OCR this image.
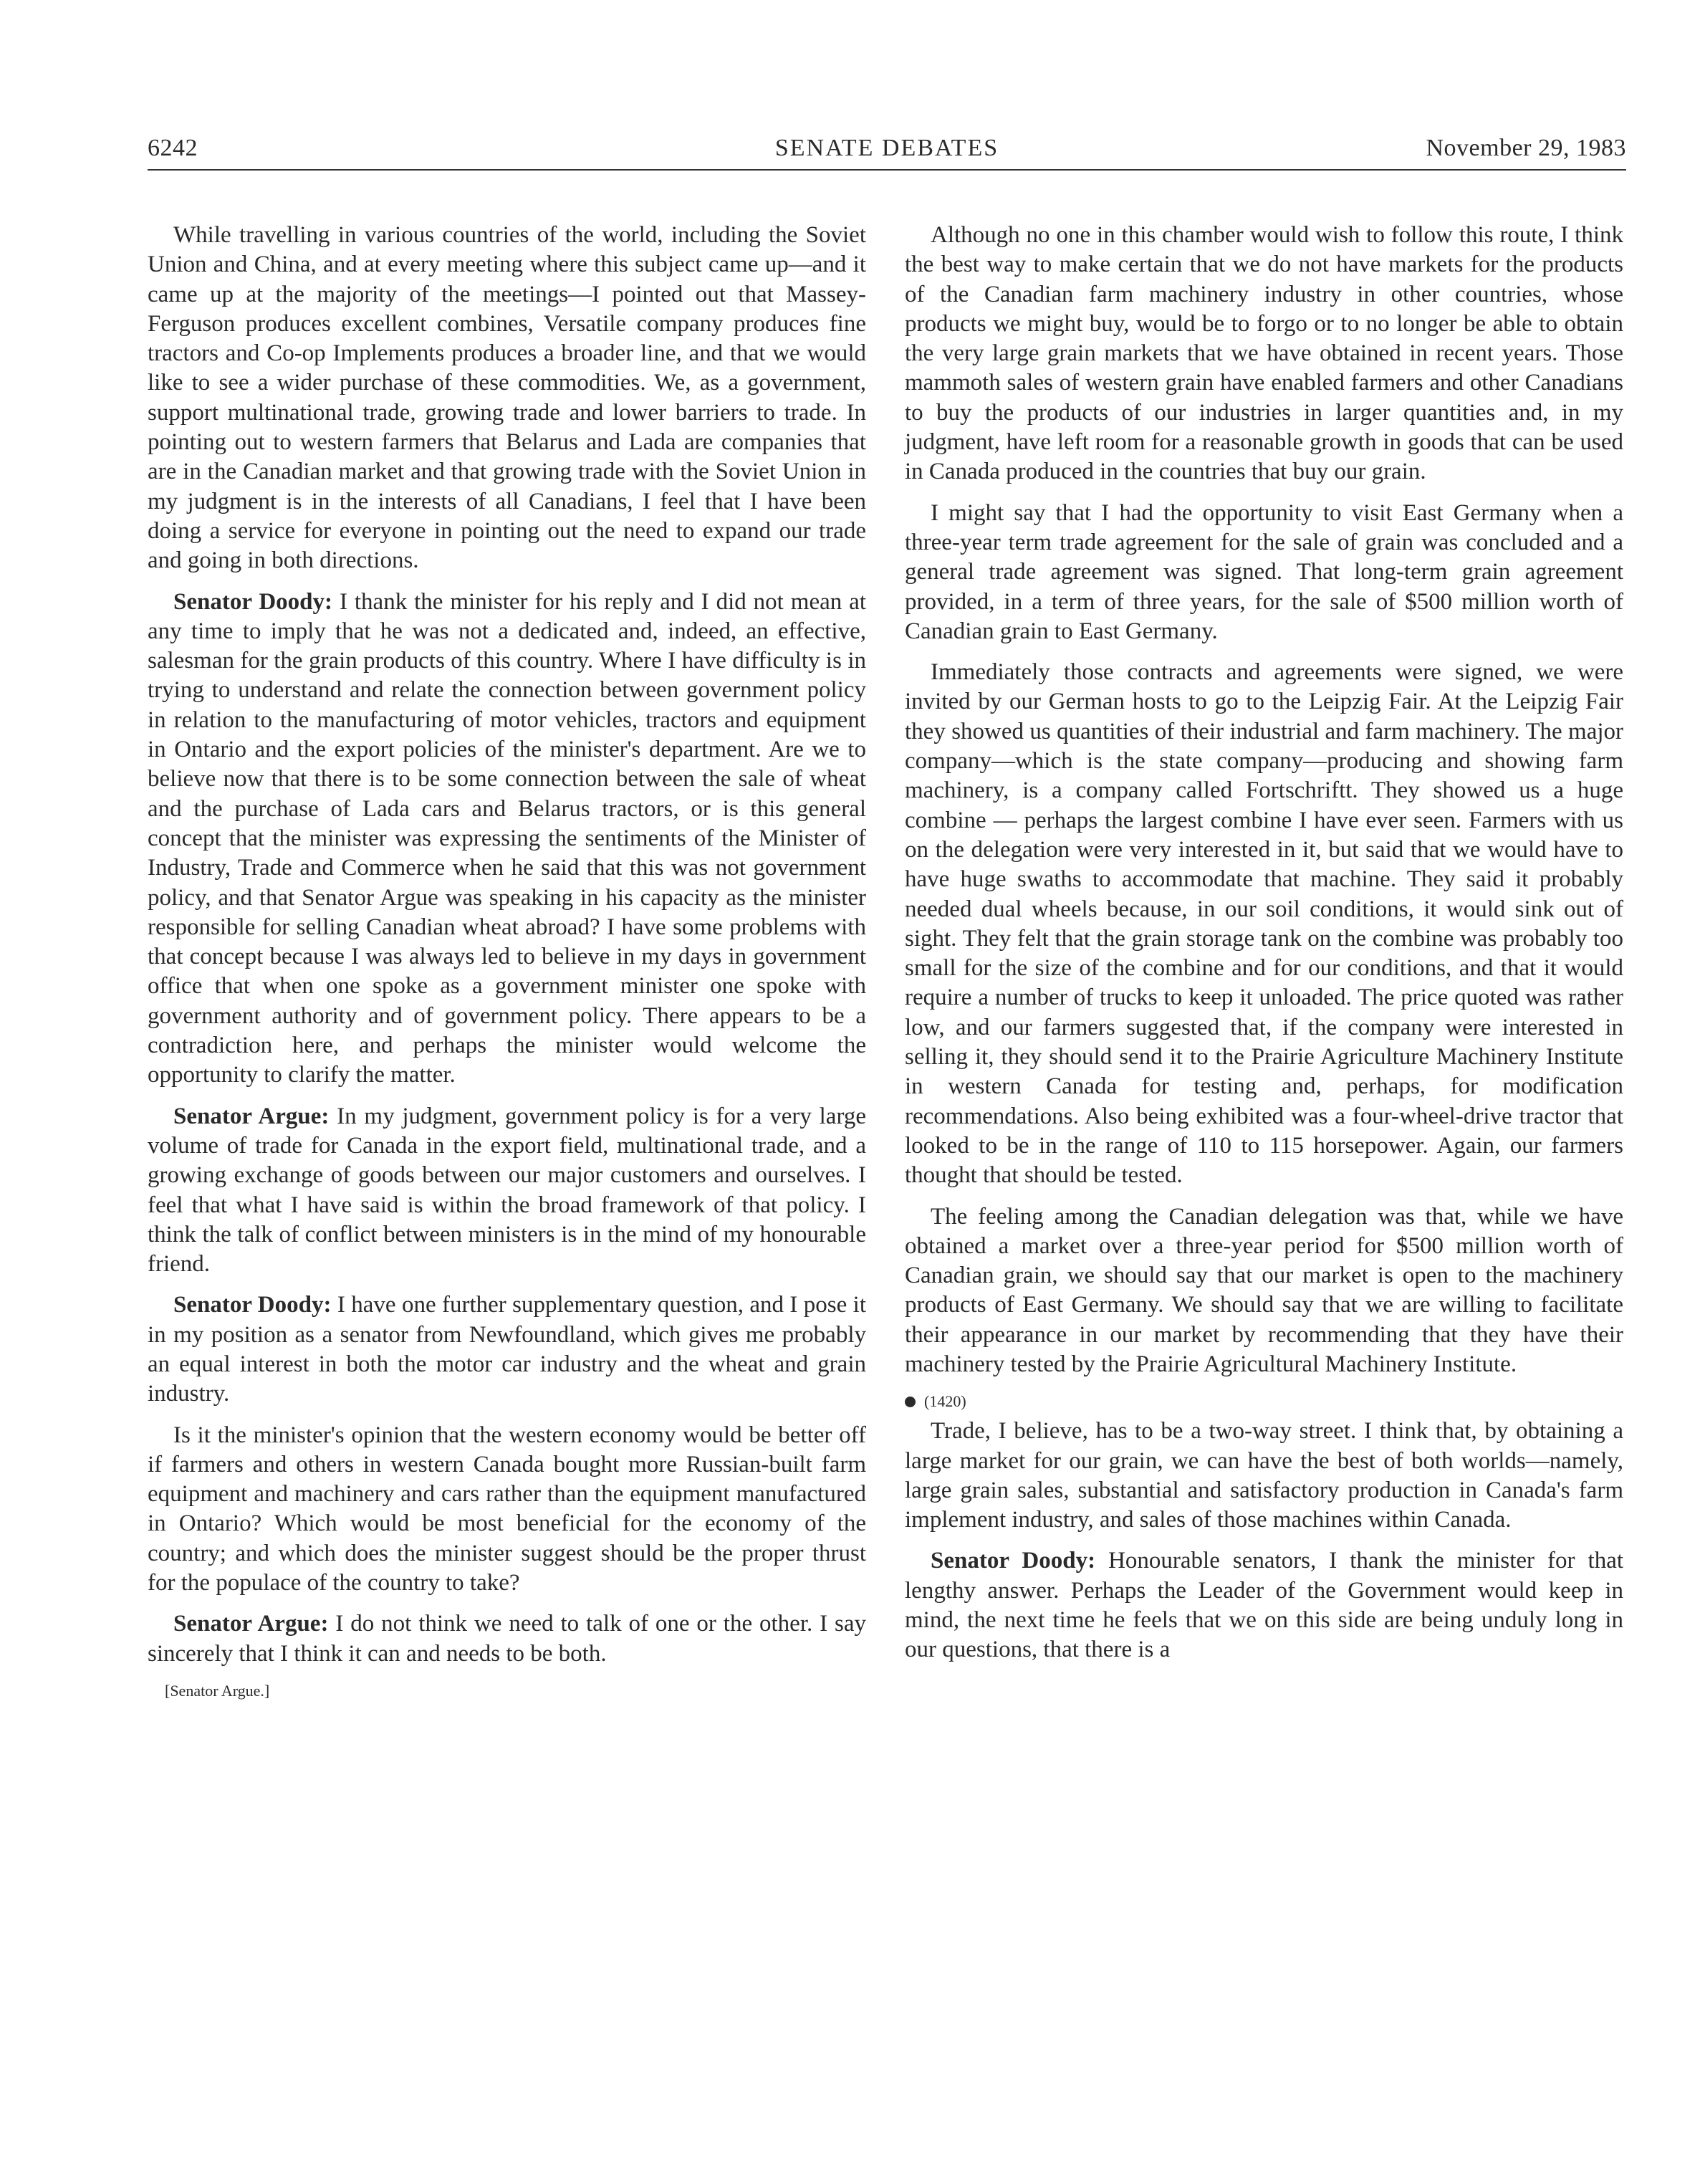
6242	SENATE DEBATES	November 29, 1983

While travelling in various countries of the world, including the Soviet Union and China, and at every meeting where this subject came up—and it came up at the majority of the meetings—I pointed out that Massey-Ferguson produces excellent combines, Versatile company produces fine tractors and Co-op Implements produces a broader line, and that we would like to see a wider purchase of these commodities. We, as a government, support multinational trade, growing trade and lower barriers to trade. In pointing out to western farmers that Belarus and Lada are companies that are in the Canadian market and that growing trade with the Soviet Union in my judgment is in the interests of all Canadians, I feel that I have been doing a service for everyone in pointing out the need to expand our trade and going in both directions.

Senator Doody: I thank the minister for his reply and I did not mean at any time to imply that he was not a dedicated and, indeed, an effective, salesman for the grain products of this country. Where I have difficulty is in trying to understand and relate the connection between government policy in relation to the manufacturing of motor vehicles, tractors and equipment in Ontario and the export policies of the minister's department. Are we to believe now that there is to be some connection between the sale of wheat and the purchase of Lada cars and Belarus tractors, or is this general concept that the minister was expressing the sentiments of the Minister of Industry, Trade and Commerce when he said that this was not government policy, and that Senator Argue was speaking in his capacity as the minister responsible for selling Canadian wheat abroad? I have some problems with that concept because I was always led to believe in my days in government office that when one spoke as a government minister one spoke with government authority and of government policy. There appears to be a contradiction here, and perhaps the minister would welcome the opportunity to clarify the matter.

Senator Argue: In my judgment, government policy is for a very large volume of trade for Canada in the export field, multinational trade, and a growing exchange of goods between our major customers and ourselves. I feel that what I have said is within the broad framework of that policy. I think the talk of conflict between ministers is in the mind of my honourable friend.

Senator Doody: I have one further supplementary question, and I pose it in my position as a senator from Newfoundland, which gives me probably an equal interest in both the motor car industry and the wheat and grain industry.

Is it the minister's opinion that the western economy would be better off if farmers and others in western Canada bought more Russian-built farm equipment and machinery and cars rather than the equipment manufactured in Ontario? Which would be most beneficial for the economy of the country; and which does the minister suggest should be the proper thrust for the populace of the country to take?

Senator Argue: I do not think we need to talk of one or the other. I say sincerely that I think it can and needs to be both.

[Senator Argue.]

Although no one in this chamber would wish to follow this route, I think the best way to make certain that we do not have markets for the products of the Canadian farm machinery industry in other countries, whose products we might buy, would be to forgo or to no longer be able to obtain the very large grain markets that we have obtained in recent years. Those mammoth sales of western grain have enabled farmers and other Canadians to buy the products of our industries in larger quantities and, in my judgment, have left room for a reasonable growth in goods that can be used in Canada produced in the countries that buy our grain.

I might say that I had the opportunity to visit East Germany when a three-year term trade agreement for the sale of grain was concluded and a general trade agreement was signed. That long-term grain agreement provided, in a term of three years, for the sale of $500 million worth of Canadian grain to East Germany.

Immediately those contracts and agreements were signed, we were invited by our German hosts to go to the Leipzig Fair. At the Leipzig Fair they showed us quantities of their industrial and farm machinery. The major company—which is the state company—producing and showing farm machinery, is a company called Fortschriftt. They showed us a huge combine — perhaps the largest combine I have ever seen. Farmers with us on the delegation were very interested in it, but said that we would have to have huge swaths to accommodate that machine. They said it probably needed dual wheels because, in our soil conditions, it would sink out of sight. They felt that the grain storage tank on the combine was probably too small for the size of the combine and for our conditions, and that it would require a number of trucks to keep it unloaded. The price quoted was rather low, and our farmers suggested that, if the company were interested in selling it, they should send it to the Prairie Agriculture Machinery Institute in western Canada for testing and, perhaps, for modification recommendations. Also being exhibited was a four-wheel-drive tractor that looked to be in the range of 110 to 115 horsepower. Again, our farmers thought that should be tested.

The feeling among the Canadian delegation was that, while we have obtained a market over a three-year period for $500 million worth of Canadian grain, we should say that our market is open to the machinery products of East Germany. We should say that we are willing to facilitate their appearance in our market by recommending that they have their machinery tested by the Prairie Agricultural Machinery Institute.

(1420)

Trade, I believe, has to be a two-way street. I think that, by obtaining a large market for our grain, we can have the best of both worlds—namely, large grain sales, substantial and satisfactory production in Canada's farm implement industry, and sales of those machines within Canada.

Senator Doody: Honourable senators, I thank the minister for that lengthy answer. Perhaps the Leader of the Government would keep in mind, the next time he feels that we on this side are being unduly long in our questions, that there is a
